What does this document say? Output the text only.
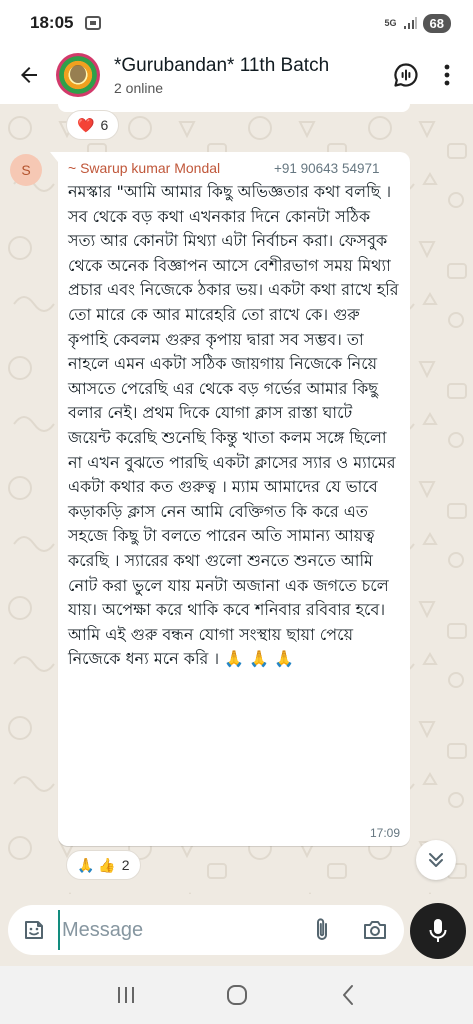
18:05	5G	68
*Gurubandan* 11th Batch
2 online
❤️ 6
S	~ Swarup kumar Mondal	+91 90643 54971
নমস্কার "আমি আমার কিছু অভিজ্ঞতার কথা বলছি । সব থেকে বড় কথা এখনকার দিনে কোনটা সঠিক সত্য আর কোনটা মিথ্যা এটা নির্বাচন করা। ফেসবুক থেকে অনেক বিজ্ঞাপন আসে বেশীরভাগ সময় মিথ্যা প্রচার এবং নিজেকে ঠকার ভয়। একটা কথা রাখে হরি তো মারে কে আর মারেহরি তো রাখে কে। গুরু কৃপাহি কেবলম গুরুর কৃপায় দ্বারা সব সম্ভব। তা নাহলে এমন একটা সঠিক জায়গায় নিজেকে নিয়ে আসতে পেরেছি এর থেকে বড় গর্ভের আমার কিছু বলার নেই। প্রথম দিকে যোগা ক্লাস রাস্তা ঘাটে জয়েন্ট করেছি শুনেছি কিন্তু খাতা কলম সঙ্গে ছিলো না এখন বুঝতে পারছি একটা ক্লাসের স্যার ও ম্যামের একটা কথার কত গুরুত্ব । ম্যাম আমাদের যে ভাবে কড়াকড়ি ক্লাস নেন আমি বেক্তিগত কি করে এত সহজে কিছু টা বলতে পারেন অতি সামান্য আয়ত্ব করেছি । স্যারের কথা গুলো শুনতে শুনতে আমি নোট করা ভুলে যায় মনটা অজানা এক জগতে চলে যায়। অপেক্ষা করে থাকি কবে শনিবার রবিবার হবে। আমি এই গুরু বন্ধন যোগা সংস্থায় ছায়া পেয়ে নিজেকে ধন্য মনে করি । 🙏 🙏 🙏
17:09
🙏 👍 2
Message
